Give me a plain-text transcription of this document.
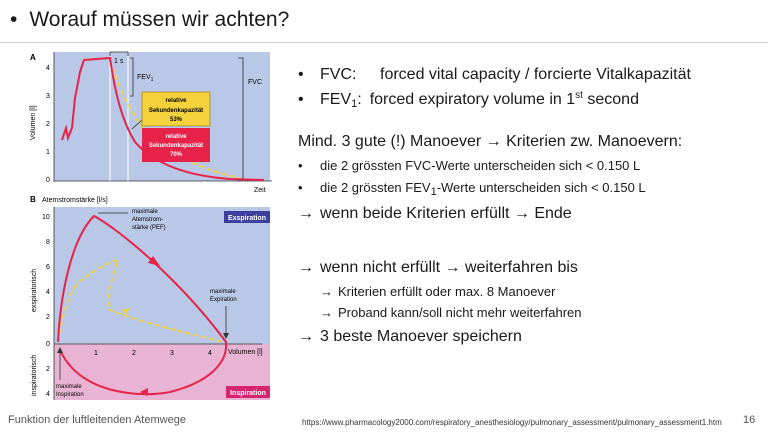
• Worauf müssen wir achten?
A
Volumen [l]
4
3
2
1
0
1 s
$FEV_1$	FVC
relative
Sekundenkapazität
53%
relative
Sekundenkapazität
70%
Zeit
B Atemstromstärke [l/s]
exspiratorisch
inspiratorisch
10
8
6
4
2
0
2
4
1	2	3	4 Volumen [l]
maximale
Atemstrom-
stärke (PEF)
maximale
Expiration
maximale
Inspiration
Exspiration
Inspiration

•	FVC:	forced vital capacity / forcierte Vitalkapazität

•	$FEV_1$: forced expiratory volume in 1st second

Mind. 3 gute (!) Manoever → Kriterien zw. Manoevern:

•	die 2 grössten FVC-Werte unterscheiden sich < 0.150 L

•	die 2 grössten $FEV_1$-Werte unterscheiden sich < 0.150 L

→ wenn beide Kriterien erfüllt → Ende

→ wenn nicht erfüllt → weiterfahren bis

→ Kriterien erfüllt oder max. 8 Manoever

→ Proband kann/soll nicht mehr weiterfahren

→ 3 beste Manoever speichern

Funktion der luftleitenden Atemwege	https://www.pharmacology2000.com/respiratory_anesthesiology/pulmonary_assessment/pulmonary_assessment1.htm 16
